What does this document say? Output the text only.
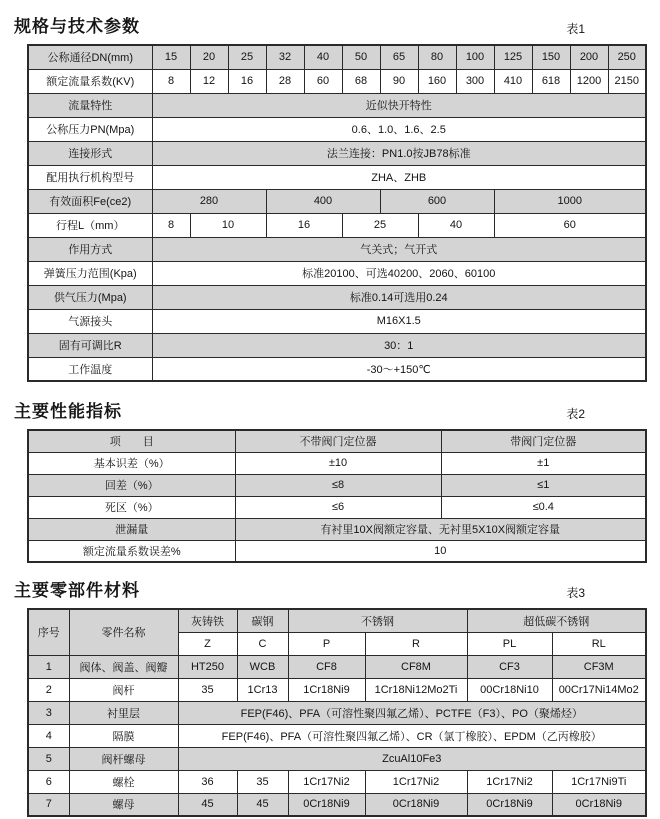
规格与技术参数	表1
公称通径DN(mm)	15	20	25	32	40	50	65	80	100	125	150	200	250
额定流量系数(KV)	8	12	16	28	60	68	90	160	300	410	618	1200	2150
流量特性	近似快开特性												
公称压力PN(Mpa)	0.6、1.0、1.6、2.5												
连接形式	法兰连接：PN1.0按JB78标准												
配用执行机构型号	ZHA、ZHB												
有效面积Fe(ce2)	280			400			600			1000			
行程L（mm）	8	10		16		25		40		60			
作用方式	气关式；气开式												
弹簧压力范围(Kpa)	标准20100、可选40200、2060、60100												
供气压力(Mpa)	标准0.14可选用0.24												
气源接头	M16X1.5												
固有可调比R	30：1												
工作温度	-30～+150℃												
主要性能指标	表2
项　　目	不带阀门定位器	带阀门定位器
基本识差（%）	±10	±1
回差（%）	≤8	≤1
死区（%）	≤6	≤0.4
泄漏量	有衬里10X阀额定容量、无衬里5X10X阀额定容量	
额定流量系数误差%	10	
主要零部件材料	表3
序号	零件名称	灰铸铁	碳钢	不锈钢		超低碳不锈钢	
		Z	C	P	R	PL	RL
1	阀体、阀盖、阀瓣	HT250	WCB	CF8	CF8M	CF3	CF3M
2	阀杆	35	1Cr13	1Cr18Ni9	1Cr18Ni12Mo2Ti	00Cr18Ni10	00Cr17Ni14Mo2
3	衬里层	FEP(F46)、PFA（可溶性聚四氟乙烯）、PCTFE（F3）、PO（聚烯烃）					
4	隔膜	FEP(F46)、PFA（可溶性聚四氟乙烯）、CR（氯丁橡胶）、EPDM（乙丙橡胶）					
5	阀杆螺母	ZcuAl10Fe3					
6	螺栓	36	35	1Cr17Ni2	1Cr17Ni2	1Cr17Ni2	1Cr17Ni9Ti
7	螺母	45	45	0Cr18Ni9	0Cr18Ni9	0Cr18Ni9	0Cr18Ni9
